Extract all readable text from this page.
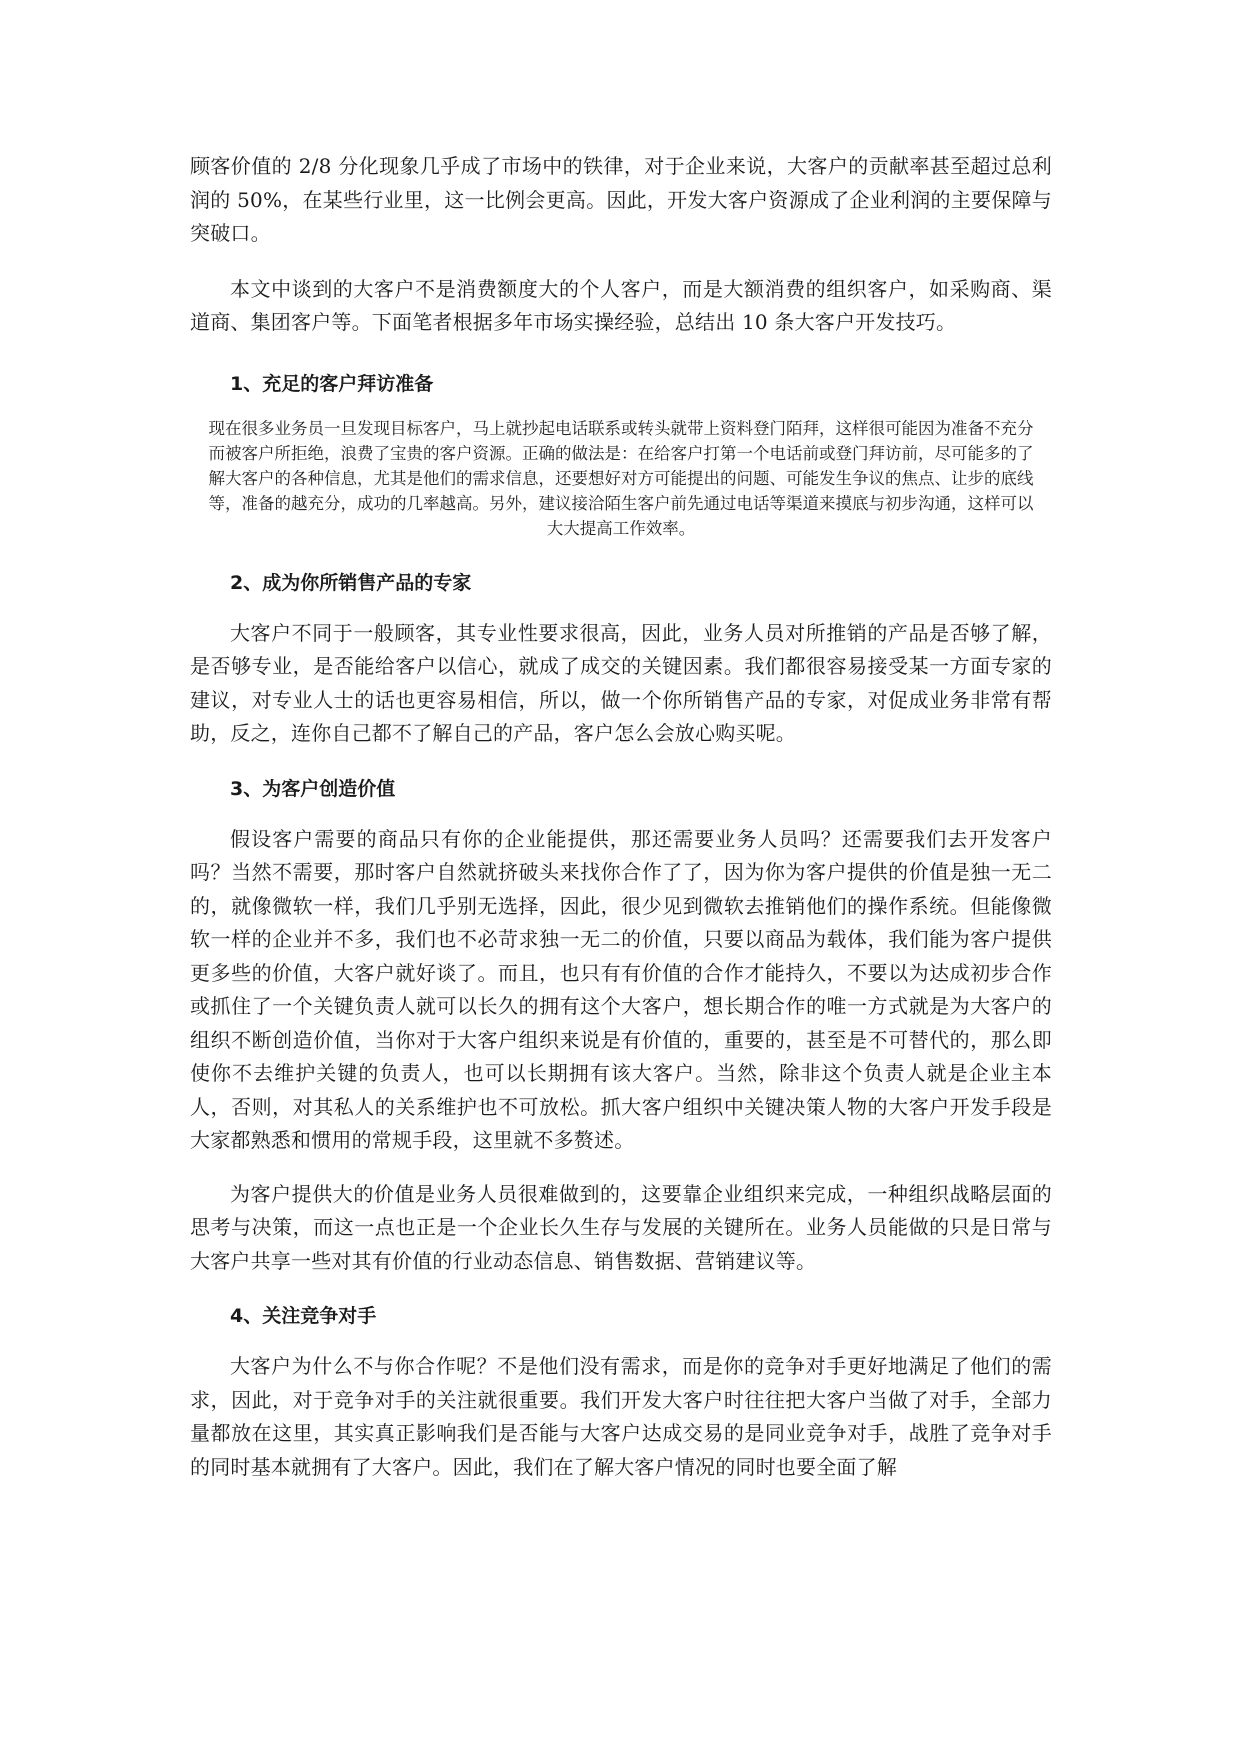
顾客价值的 2/8 分化现象几乎成了市场中的铁律，对于企业来说，大客户的贡献率甚至超过总利润的 50%，在某些行业里，这一比例会更高。因此，开发大客户资源成了企业利润的主要保障与突破口。

本文中谈到的大客户不是消费额度大的个人客户，而是大额消费的组织客户，如采购商、渠道商、集团客户等。下面笔者根据多年市场实操经验，总结出 10 条大客户开发技巧。

1、充足的客户拜访准备

现在很多业务员一旦发现目标客户，马上就抄起电话联系或转头就带上资料登门陌拜，这样很可能因为准备不充分而被客户所拒绝，浪费了宝贵的客户资源。正确的做法是：在给客户打第一个电话前或登门拜访前，尽可能多的了解大客户的各种信息，尤其是他们的需求信息，还要想好对方可能提出的问题、可能发生争议的焦点、让步的底线等，准备的越充分，成功的几率越高。另外，建议接洽陌生客户前先通过电话等渠道来摸底与初步沟通，这样可以大大提高工作效率。

2、成为你所销售产品的专家

大客户不同于一般顾客，其专业性要求很高，因此，业务人员对所推销的产品是否够了解，是否够专业，是否能给客户以信心，就成了成交的关键因素。我们都很容易接受某一方面专家的建议，对专业人士的话也更容易相信，所以，做一个你所销售产品的专家，对促成业务非常有帮助，反之，连你自己都不了解自己的产品，客户怎么会放心购买呢。

3、为客户创造价值

假设客户需要的商品只有你的企业能提供，那还需要业务人员吗？还需要我们去开发客户吗？当然不需要，那时客户自然就挤破头来找你合作了了，因为你为客户提供的价值是独一无二的，就像微软一样，我们几乎别无选择，因此，很少见到微软去推销他们的操作系统。但能像微软一样的企业并不多，我们也不必苛求独一无二的价值，只要以商品为载体，我们能为客户提供更多些的价值，大客户就好谈了。而且，也只有有价值的合作才能持久，不要以为达成初步合作或抓住了一个关键负责人就可以长久的拥有这个大客户，想长期合作的唯一方式就是为大客户的组织不断创造价值，当你对于大客户组织来说是有价值的，重要的，甚至是不可替代的，那么即使你不去维护关键的负责人，也可以长期拥有该大客户。当然，除非这个负责人就是企业主本人，否则，对其私人的关系维护也不可放松。抓大客户组织中关键决策人物的大客户开发手段是大家都熟悉和惯用的常规手段，这里就不多赘述。

为客户提供大的价值是业务人员很难做到的，这要靠企业组织来完成，一种组织战略层面的思考与决策，而这一点也正是一个企业长久生存与发展的关键所在。业务人员能做的只是日常与大客户共享一些对其有价值的行业动态信息、销售数据、营销建议等。

4、关注竞争对手

大客户为什么不与你合作呢？不是他们没有需求，而是你的竞争对手更好地满足了他们的需求，因此，对于竞争对手的关注就很重要。我们开发大客户时往往把大客户当做了对手，全部力量都放在这里，其实真正影响我们是否能与大客户达成交易的是同业竞争对手，战胜了竞争对手的同时基本就拥有了大客户。因此，我们在了解大客户情况的同时也要全面了解
